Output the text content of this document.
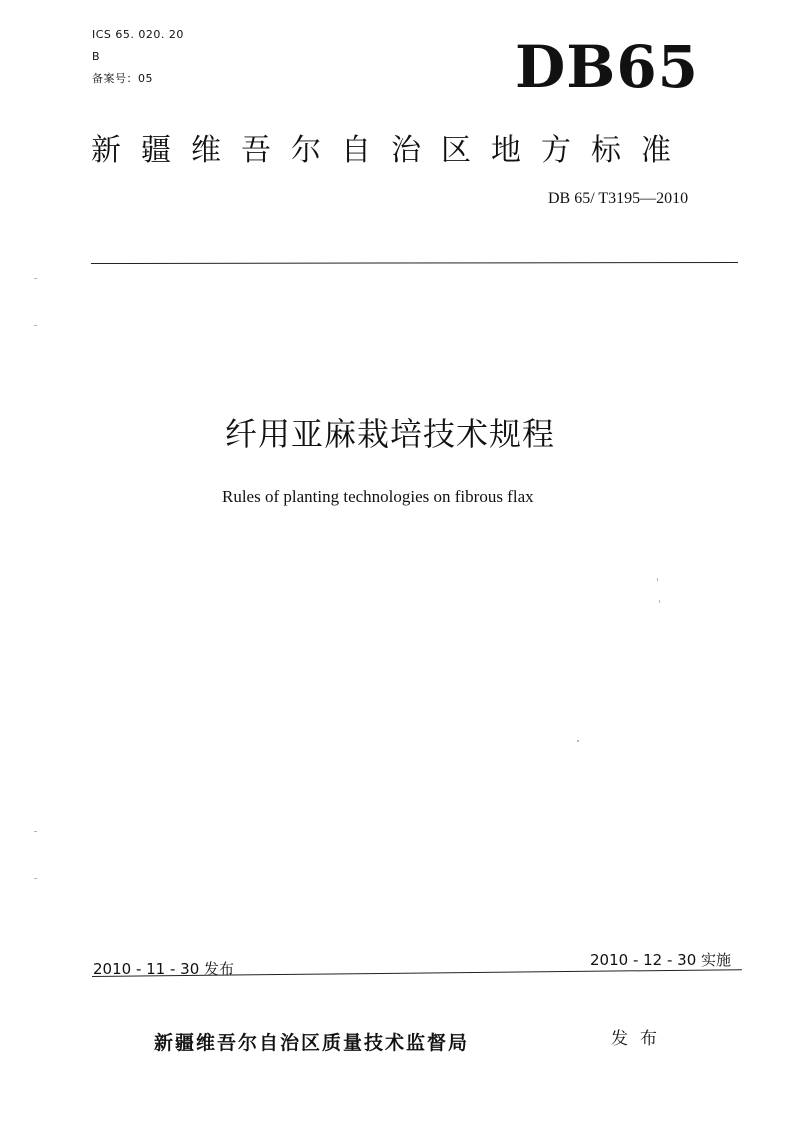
ICS 65. 020. 20
B
备案号：05	DB65
新疆维吾尔自治区地方标准
DB 65/ T3195—2010
纤用亚麻栽培技术规程
Rules of planting technologies on fibrous flax
2010 - 11 - 30 发布	2010 - 12 - 30 实施
新疆维吾尔自治区质量技术监督局	发布
